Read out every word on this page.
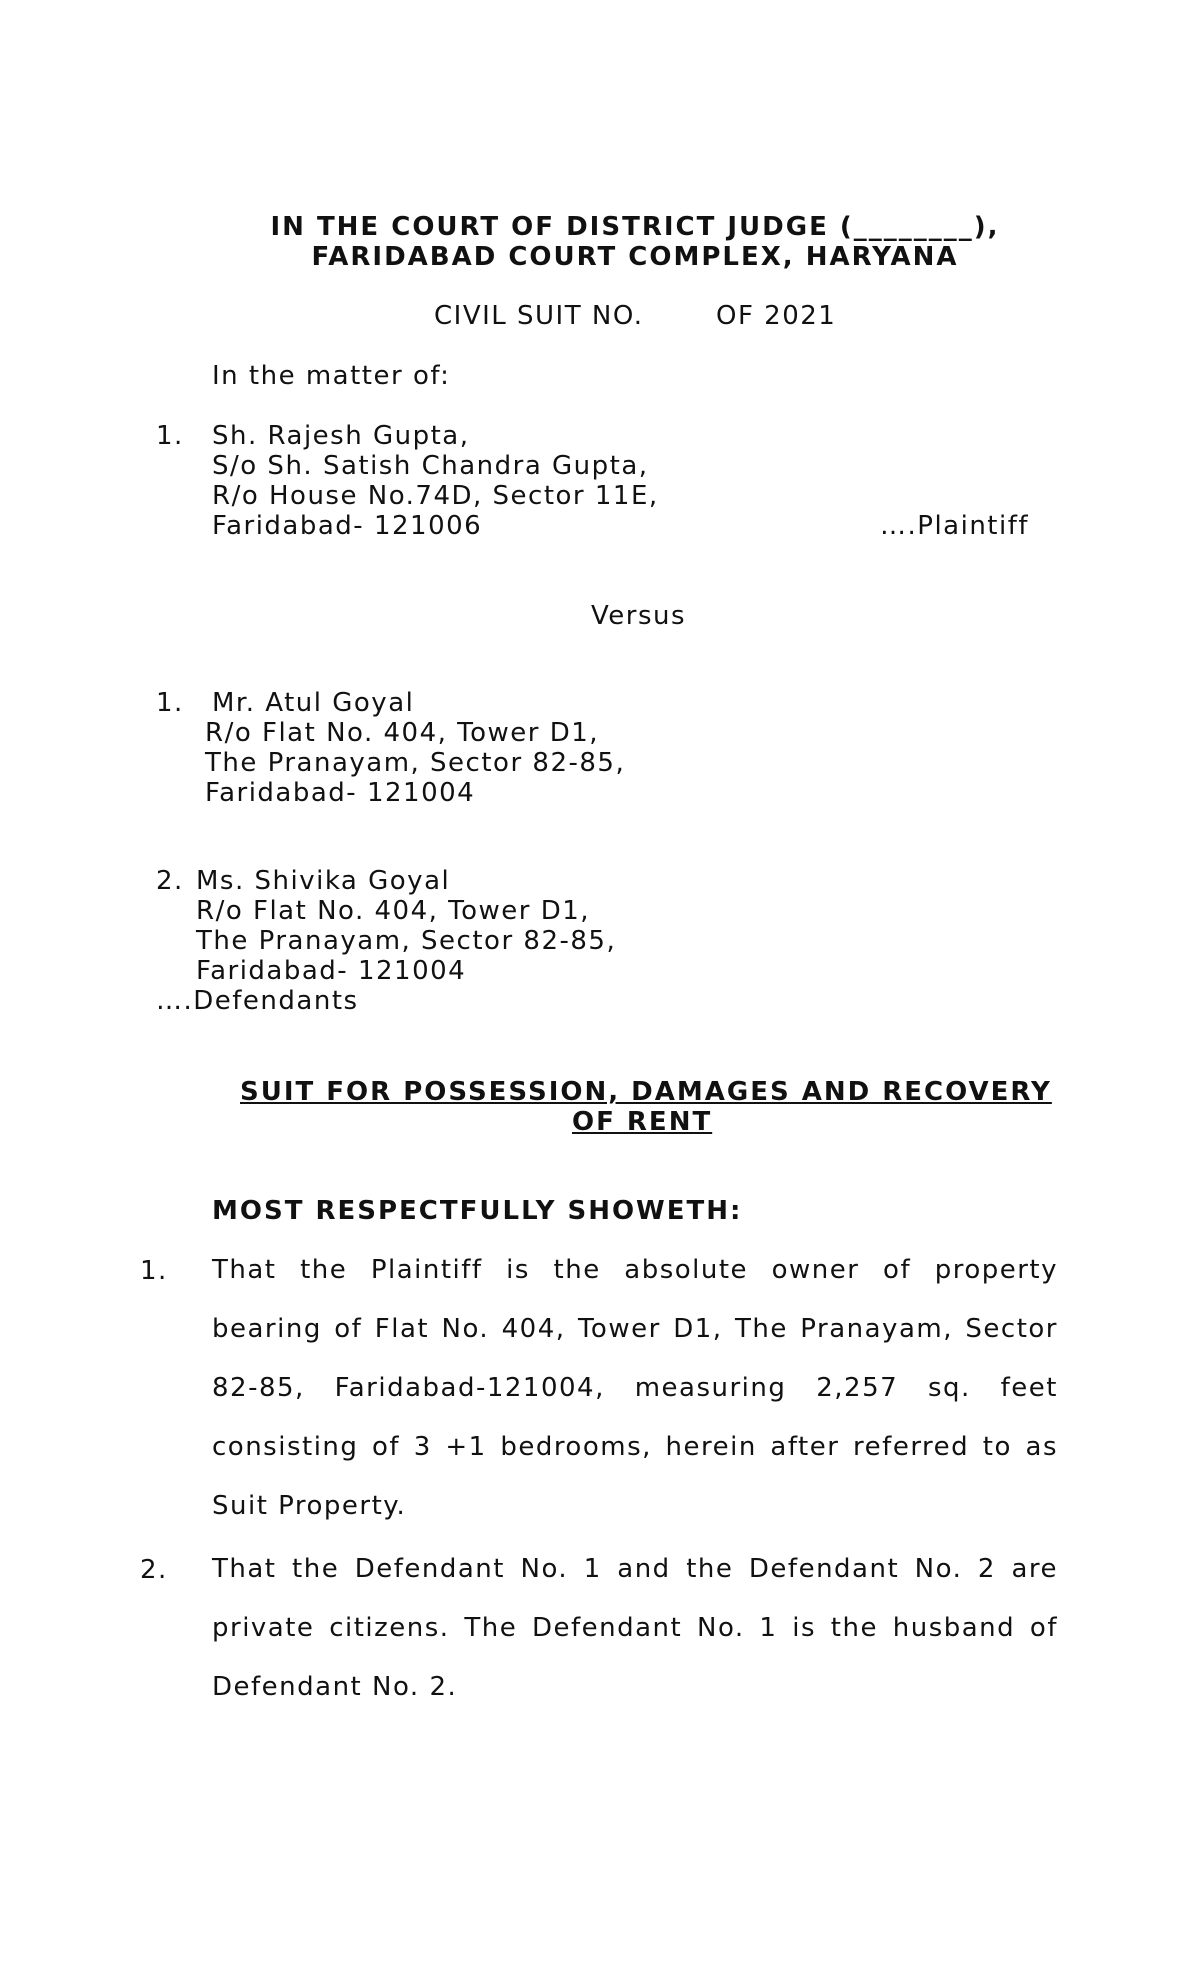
IN THE COURT OF DISTRICT JUDGE (________),
FARIDABAD COURT COMPLEX, HARYANA
CIVIL SUIT NO.	OF 2021
In the matter of:
1. Sh. Rajesh Gupta,
S/o Sh. Satish Chandra Gupta,
R/o House No.74D, Sector 11E,
Faridabad- 121006	….Plaintiff
Versus
1. Mr. Atul Goyal
R/o Flat No. 404, Tower D1,
The Pranayam, Sector 82-85,
Faridabad- 121004
2. Ms. Shivika Goyal
R/o Flat No. 404, Tower D1,
The Pranayam, Sector 82-85,
Faridabad- 121004
….Defendants
SUIT FOR POSSESSION, DAMAGES AND RECOVERY
OF RENT
MOST RESPECTFULLY SHOWETH:
1. That the Plaintiff is the absolute owner of property bearing of Flat No. 404, Tower D1, The Pranayam, Sector 82-85, Faridabad-121004, measuring 2,257 sq. feet consisting of 3 +1 bedrooms, herein after referred to as Suit Property.
2. That the Defendant No. 1 and the Defendant No. 2 are private citizens. The Defendant No. 1 is the husband of Defendant No. 2.
